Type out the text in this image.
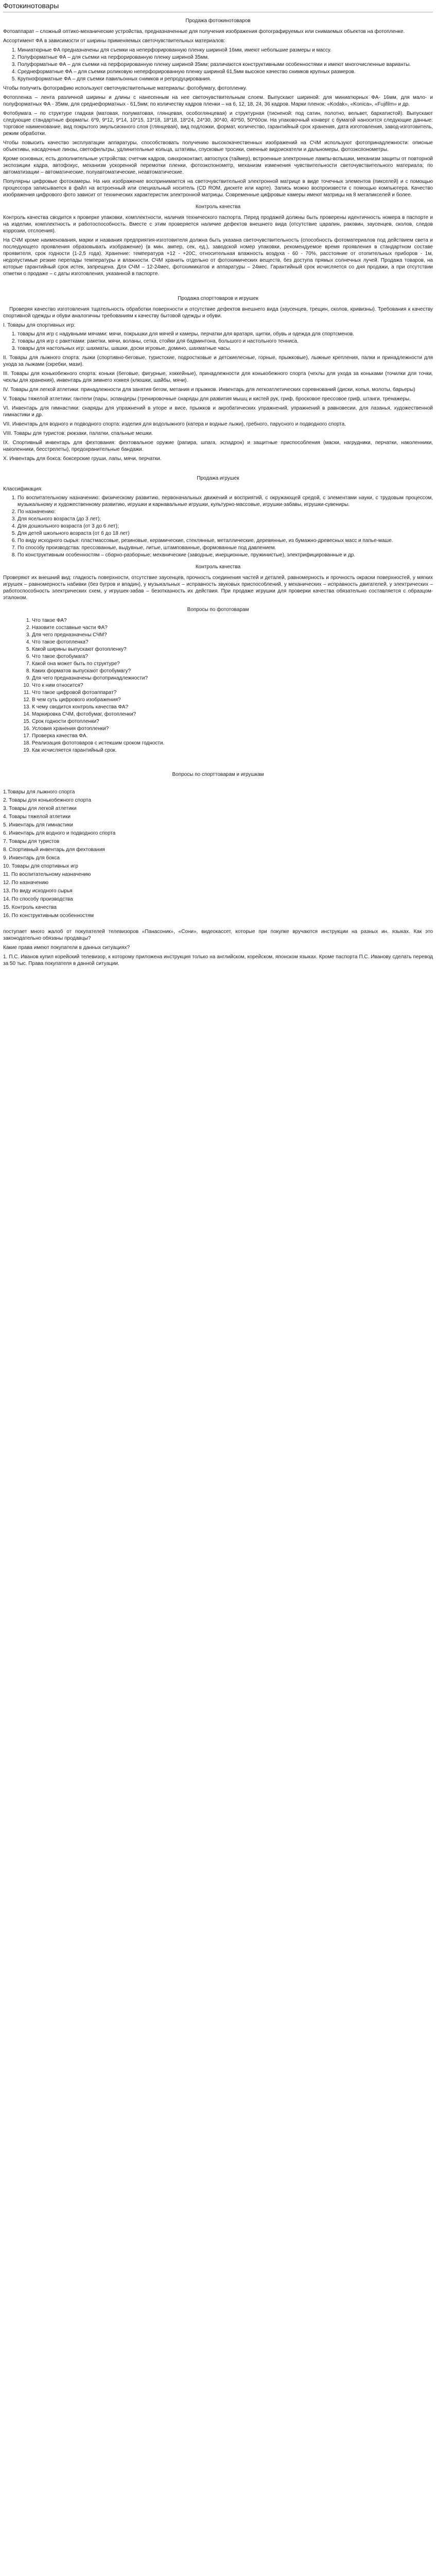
Фотокинотовары

Продажа фотокинотоваров

Фотоаппарат – сложный оптико-механические устройства, предназначенные для получения изображения фотографируемых или снимаемых объектов на фотопленке.

Ассортимент ФА в зависимости от ширины применяемых светочувствительных материалов:

1. Миниатюрные ФА предназначены для съемки на неперфорированную пленку шириной 16мм, имеют небольшие размеры и массу.
2. Полуформатные ФА – для съемки на перфорированную пленку шириной 35мм.
3. Полуформатные ФА – для съемки на перфорированную пленку шириной 35мм; различаются конструктивными особенностями и имеют многочисленные варианты.
4. Среднеформатные ФА – для съемки роликовую неперфорированную пленку шириной 61,5мм высокое качество снимков крупных размеров.
5. Крупноформатные ФА – для съемки павильонных снимков и репродуцирования.

Чтобы получить фотографию используют светочувствительные материалы: фотобумагу, фотопленку.

Фотопленка – лента различной ширины и длины с нанесенным на нее светочувствительным слоем. Выпускают шириной: для миниатюрных ФА- 16мм, для мало- и полуформатных ФА - 35мм, для среднеформатных - 61,5мм; по количеству кадров пленки – на 6, 12, 18, 24, 36 кадров. Марки пленок: «Kodak», «Konica», «Fujifilm» и др.

Фотобумага – по структуре гладкая (матовая, полуматовая, глянцевая, особоглянцевая) и структурная (тисненой: под сатин, полотно, вельвет, бархатистой). Выпускают следующие стандартные форматы: 6*9, 9*12, 9*14, 10*15, 13*18, 18*18, 18*24, 24*30, 30*40, 40*50, 50*60см. На упаковочный конверт с бумагой наносится следующие данные: торговое наименование, вид покрытого эмульсионного слоя (глянцевая), вид подложки, формат, количество, гарантийный срок хранения, дата изготовления, завод-изготовитель, режим обработки.

Чтобы повысить качество эксплуатации аппаратуры, способствовать получению высококачественных изображений на СЧМ используют фотопринадлежности: описные объективы, насадочные линзы, светофильтры, удлинительные кольца, штативы, спусковые тросики, сменные видоискатели и дальномеры, фотоэкспонометры.

Кроме основных, есть дополнительные устройства: счетчик кадров, синхроконтакт, автоспуск (таймер), встроенные электронные лампы-вспышки, механизм защиты от повторной экспозиции кадра, автофокус, механизм ускоренной перемотки пленки, фотоэкспонометр, механизм изменения чувствительности светочувствительного материала; по автоматизации – автоматические, полуавтоматические, неавтоматические.

Популярны цифровые фотокамеры. На них изображение воспринимается на светочувствительной электронной матрице в виде точечных элементов (пикселей) и с помощью процессора записывается в файл на встроенный или специальный носитель (CD ROM, дискете или карте). Запись можно воспроизвести с помощью компьютера. Качество изображения цифрового фото зависит от технических характеристик электронной матрицы. Современные цифровые камеры имеют матрицы на 8 мегапикселей и более.

Контроль качества

Контроль качества сводится к проверке упаковки, комплектности, наличия технического паспорта. Перед продажей должны быть проверены идентичность номера в паспорте и на изделии, комплектность и работоспособность. Вместе с этим проверяется наличие дефектов внешнего вида (отсутствие царапин, раковин, заусенцев, сколов, следов коррозии, отслоения).

На СЧМ кроме наименования, марки и названия предприятия-изготовителя должна быть указана светочувствительность (способность фотоматериалов под действием света и последующего проявления образовывать изображение) (в мин. ампер, сек, ед.), заводской номер упаковки, рекомендуемое время проявления в стандартном составе проявителя, срок годности (1-2,5 года). Хранение: температура +12 - +20С, относительная влажность воздуха - 60 - 70%, расстояние от отопительных приборов - 1м, недопустимые резкие перепады температуры и влажности. СЧМ хранить отдельно от фотохимических веществ, без доступа прямых солнечных лучей. Продажа товаров, на которые гарантийный срок истек, запрещена. Для СЧМ – 12-24мес, фотохимикатов и аппаратуры – 24мес. Гарантийный срок исчисляется со дня продажи, а при отсутствии отметки о продаже – с даты изготовления, указанной в паспорте.

Продажа спорттоваров и игрушек

Проверяя качество изготовления тщательность обработки поверхности и отсутствие дефектов внешнего вида (заусенцев, трещин, сколов, кривизны). Требования к качеству спортивной одежды и обуви аналогичны требованиям к качеству бытовой одежды и обуви.

I. Товары для спортивных игр:

1. товары для игр с надувными мячами: мячи, покрышки для мячей и камеры, перчатки для вратаря, щитки, обувь и одежда для спортсменов.
2. товары для игр с ракетками: ракетки, мячи, воланы, сетка, стойки для бадминтона, большого и настольного тенниса.
3. товары для настольных игр: шахматы, шашки, доски игровые, домино, шахматные часы.

II. Товары для лыжного спорта: лыжи (спортивно-беговые, туристские, подростковые и детскиелесные, горные, прыжковые), лыжные крепления, палки и принадлежности для ухода за лыжами (скребки, мази).

III. Товары для конькобежного спорта: коньки (беговые, фигурные, хоккейные), принадлежности для конькобежного спорта (чехлы для ухода за коньками (точилки для точки, чехлы для хранения), инвентарь для зимнего хоккея (клюшки, шайбы, мячи).

IV. Товары для легкой атлетики: принадлежности для занятия бегом, метания и прыжков. Инвентарь для легкоатлетических соревнований (диски, копья, молоты, барьеры)

V. Товары тяжелой атлетики: гантели (пары, эспандеры (тренировочные снаряды для развития мышц и кистей рук, гриф, бросковое прессовое гриф, штанги, тренажеры.

VI. Инвентарь для гимнастики: снаряды для упражнений в упоре и висе, прыжков и акробатических упражнений, упражнений в равновесии, для лазанья, художественной гимнастики и др.

VII. Инвентарь для водного и подводного спорта: изделия для водолыжного (катера и водные лыжи), гребного, парусного и подводного спорта.

VIII. Товары для туристов: рюкзаки, палатки, спальные мешки.

IX. Спортивный инвентарь для фехтования: фехтовальное оружие (рапира, шпага, эспадрон) и защитные приспособления (маски, нагрудники, перчатки, наколенники, наколенники, бесстрелеты), предохранительные бандажи.

X. Инвентарь для бокса: боксерские груши, лапы, мячи, перчатки.

Продажа игрушек

Классификация:

1. По воспитательному назначению: физическому развитию, первоначальных движений и восприятий, с окружающей средой, с элементами науки, с трудовым процессом, музыкальному и художественному развитию, игрушки и карнавальные игрушки, культурно-массовые, игрушки-забавы, игрушки-сувениры.
2. По назначению:
3. Для ясельного возраста (до 3 лет);
4. Для дошкольного возраста (от 3 до 6 лет);
5. Для детей школьного возраста (от 6 до 18 лет)
6. По виду исходного сырья: пластмассовые, резиновые, керамические, стеклянные, металлические, деревянные, из бумажно-древесных масс и папье-маше.
7. По способу производства: прессованные, выдувные, литые, штампованные, формованные под давлением.
8. По конструктивным особенностям – сборно-разборные; механические (заводные, инерционные, пружинистые), электрифицированные и др.

Контроль качества

Проверяют их внешний вид: гладкость поверхности, отсутствие заусенцев, прочность соединения частей и деталей, равномерность и прочность окраски поверхностей, у мягких игрушек – равномерность набивки (без бугров и впадин), у музыкальных – исправность звуковых приспособлений, у механических – исправность двигателей, у электрических – работоспособность электрических схем, у игрушек-забав – безотказность их действия. При продаже игрушки для проверки качества обязательно составляется с образцом-эталоном.

Вопросы по фототоварам

1. Что такое ФА?
2. Назовите составные части ФА?
3. Для чего предназначены СЧМ?
4. Что такое фотопленка?
5. Какой ширины выпускают фотопленку?
6. Что такое фотобумага?
7. Какой она может быть по структуре?
8. Каких форматов выпускают фотобумагу?
9. Для чего предназначены фотопринадлежности?
10. Что к ним относится?
11. Что такое цифровой фотоаппарат?
12. В чем суть цифрового изображения?
13. К чему сводится контроль качества ФА?
14. Маркировка СЧМ, фотобумаг, фотопленки?
15. Срок годности фотопленки?
16. Условия хранения фотопленки?
17. Проверка качества ФА.
18. Реализация фототоваров с истекшим сроком годности.
19. Как исчисляется гарантийный срок.

Вопросы по спорттоварам и игрушкам

1.Товары для лыжного спорта

2. Товары для конькобежного спорта

3. Товары для легкой атлетики

4. Товары тяжелой атлетики

5. Инвентарь для гимнастики

6. Инвентарь для водного и подводного спорта

7. Товары для туристов

8. Спортивный инвентарь для фехтования

9. Инвентарь для бокса

10. Товары для спортивных игр

11. По воспитательному назначению

12. По назначению

13. По виду исходного сырья

14. По способу производства

15. Контроль качества

16. По конструктивным особенностям

поступает много жалоб от покупателей телевизоров «Панасоник», «Сони», видеокассет, которые при покупке вручаются инструкции на разных ин. языках. Как это законодательно обязаны продавцы?

Какие права имеют покупатели в данных ситуациях?

1. П.С. Иванов купил корейский телевизор, к которому приложена инструкция только на английском, корейском, японском языках. Кроме паспорта П.С. Иванову сделать перевод за 50 тыс. Права покупателя в данной ситуации.
